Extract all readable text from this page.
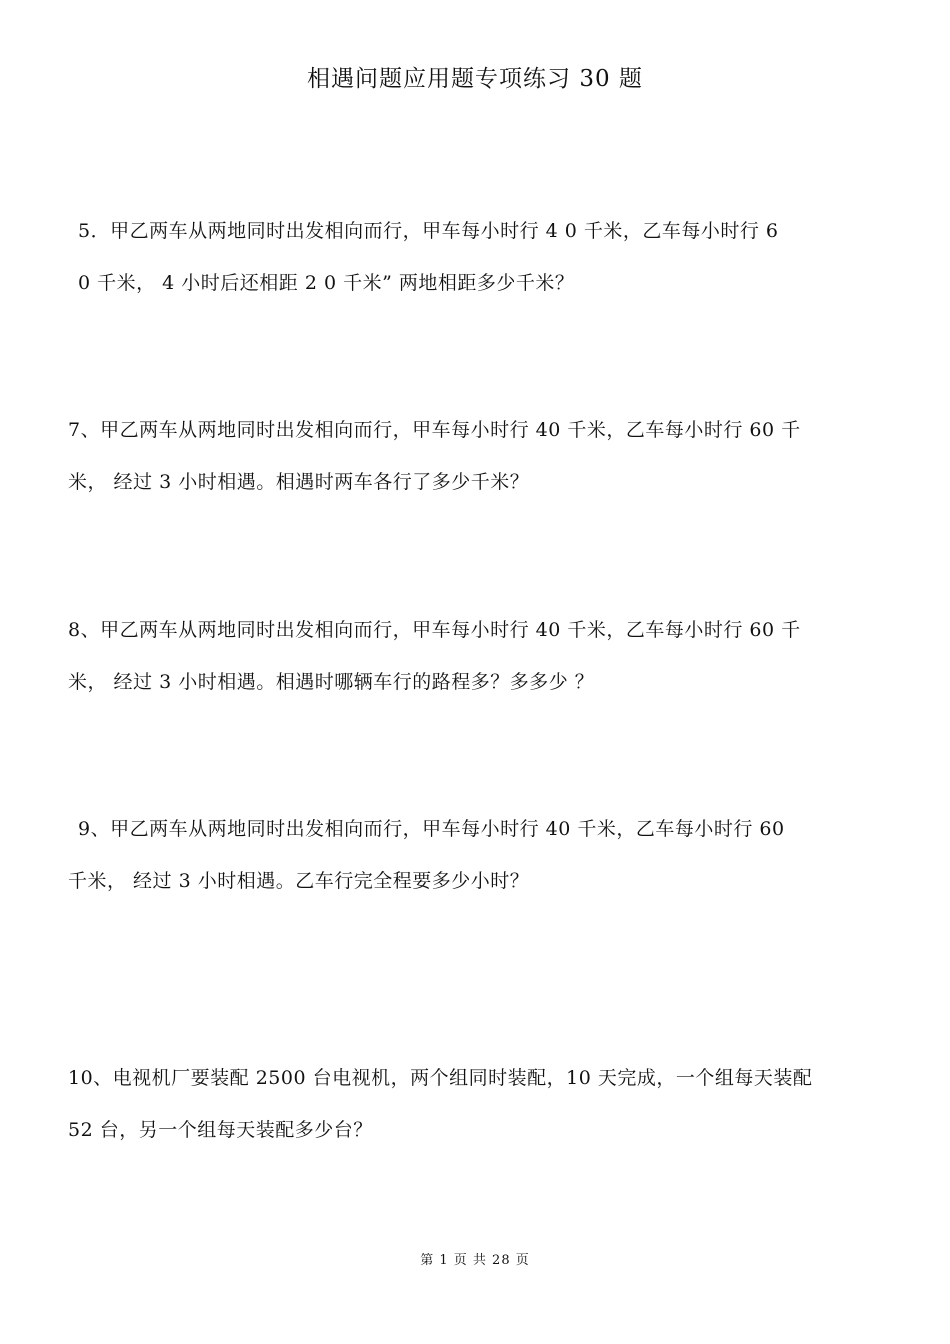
相遇问题应用题专项练习 30 题
5．甲乙两车从两地同时出发相向而行，甲车每小时行 4 0 千米，乙车每小时行 6
0 千米， 4 小时后还相距 2 0 千米” 两地相距多少千米？
7、甲乙两车从两地同时出发相向而行，甲车每小时行 40 千米，乙车每小时行 60 千
米， 经过 3 小时相遇。相遇时两车各行了多少千米？
8、甲乙两车从两地同时出发相向而行，甲车每小时行 40 千米，乙车每小时行 60 千
米， 经过 3 小时相遇。相遇时哪辆车行的路程多？多多少 ？
9、甲乙两车从两地同时出发相向而行，甲车每小时行 40 千米，乙车每小时行 60
千米， 经过 3 小时相遇。乙车行完全程要多少小时？
10、电视机厂要装配 2500 台电视机，两个组同时装配，10 天完成，一个组每天装配
52 台，另一个组每天装配多少台？
第 1 页 共 28 页
